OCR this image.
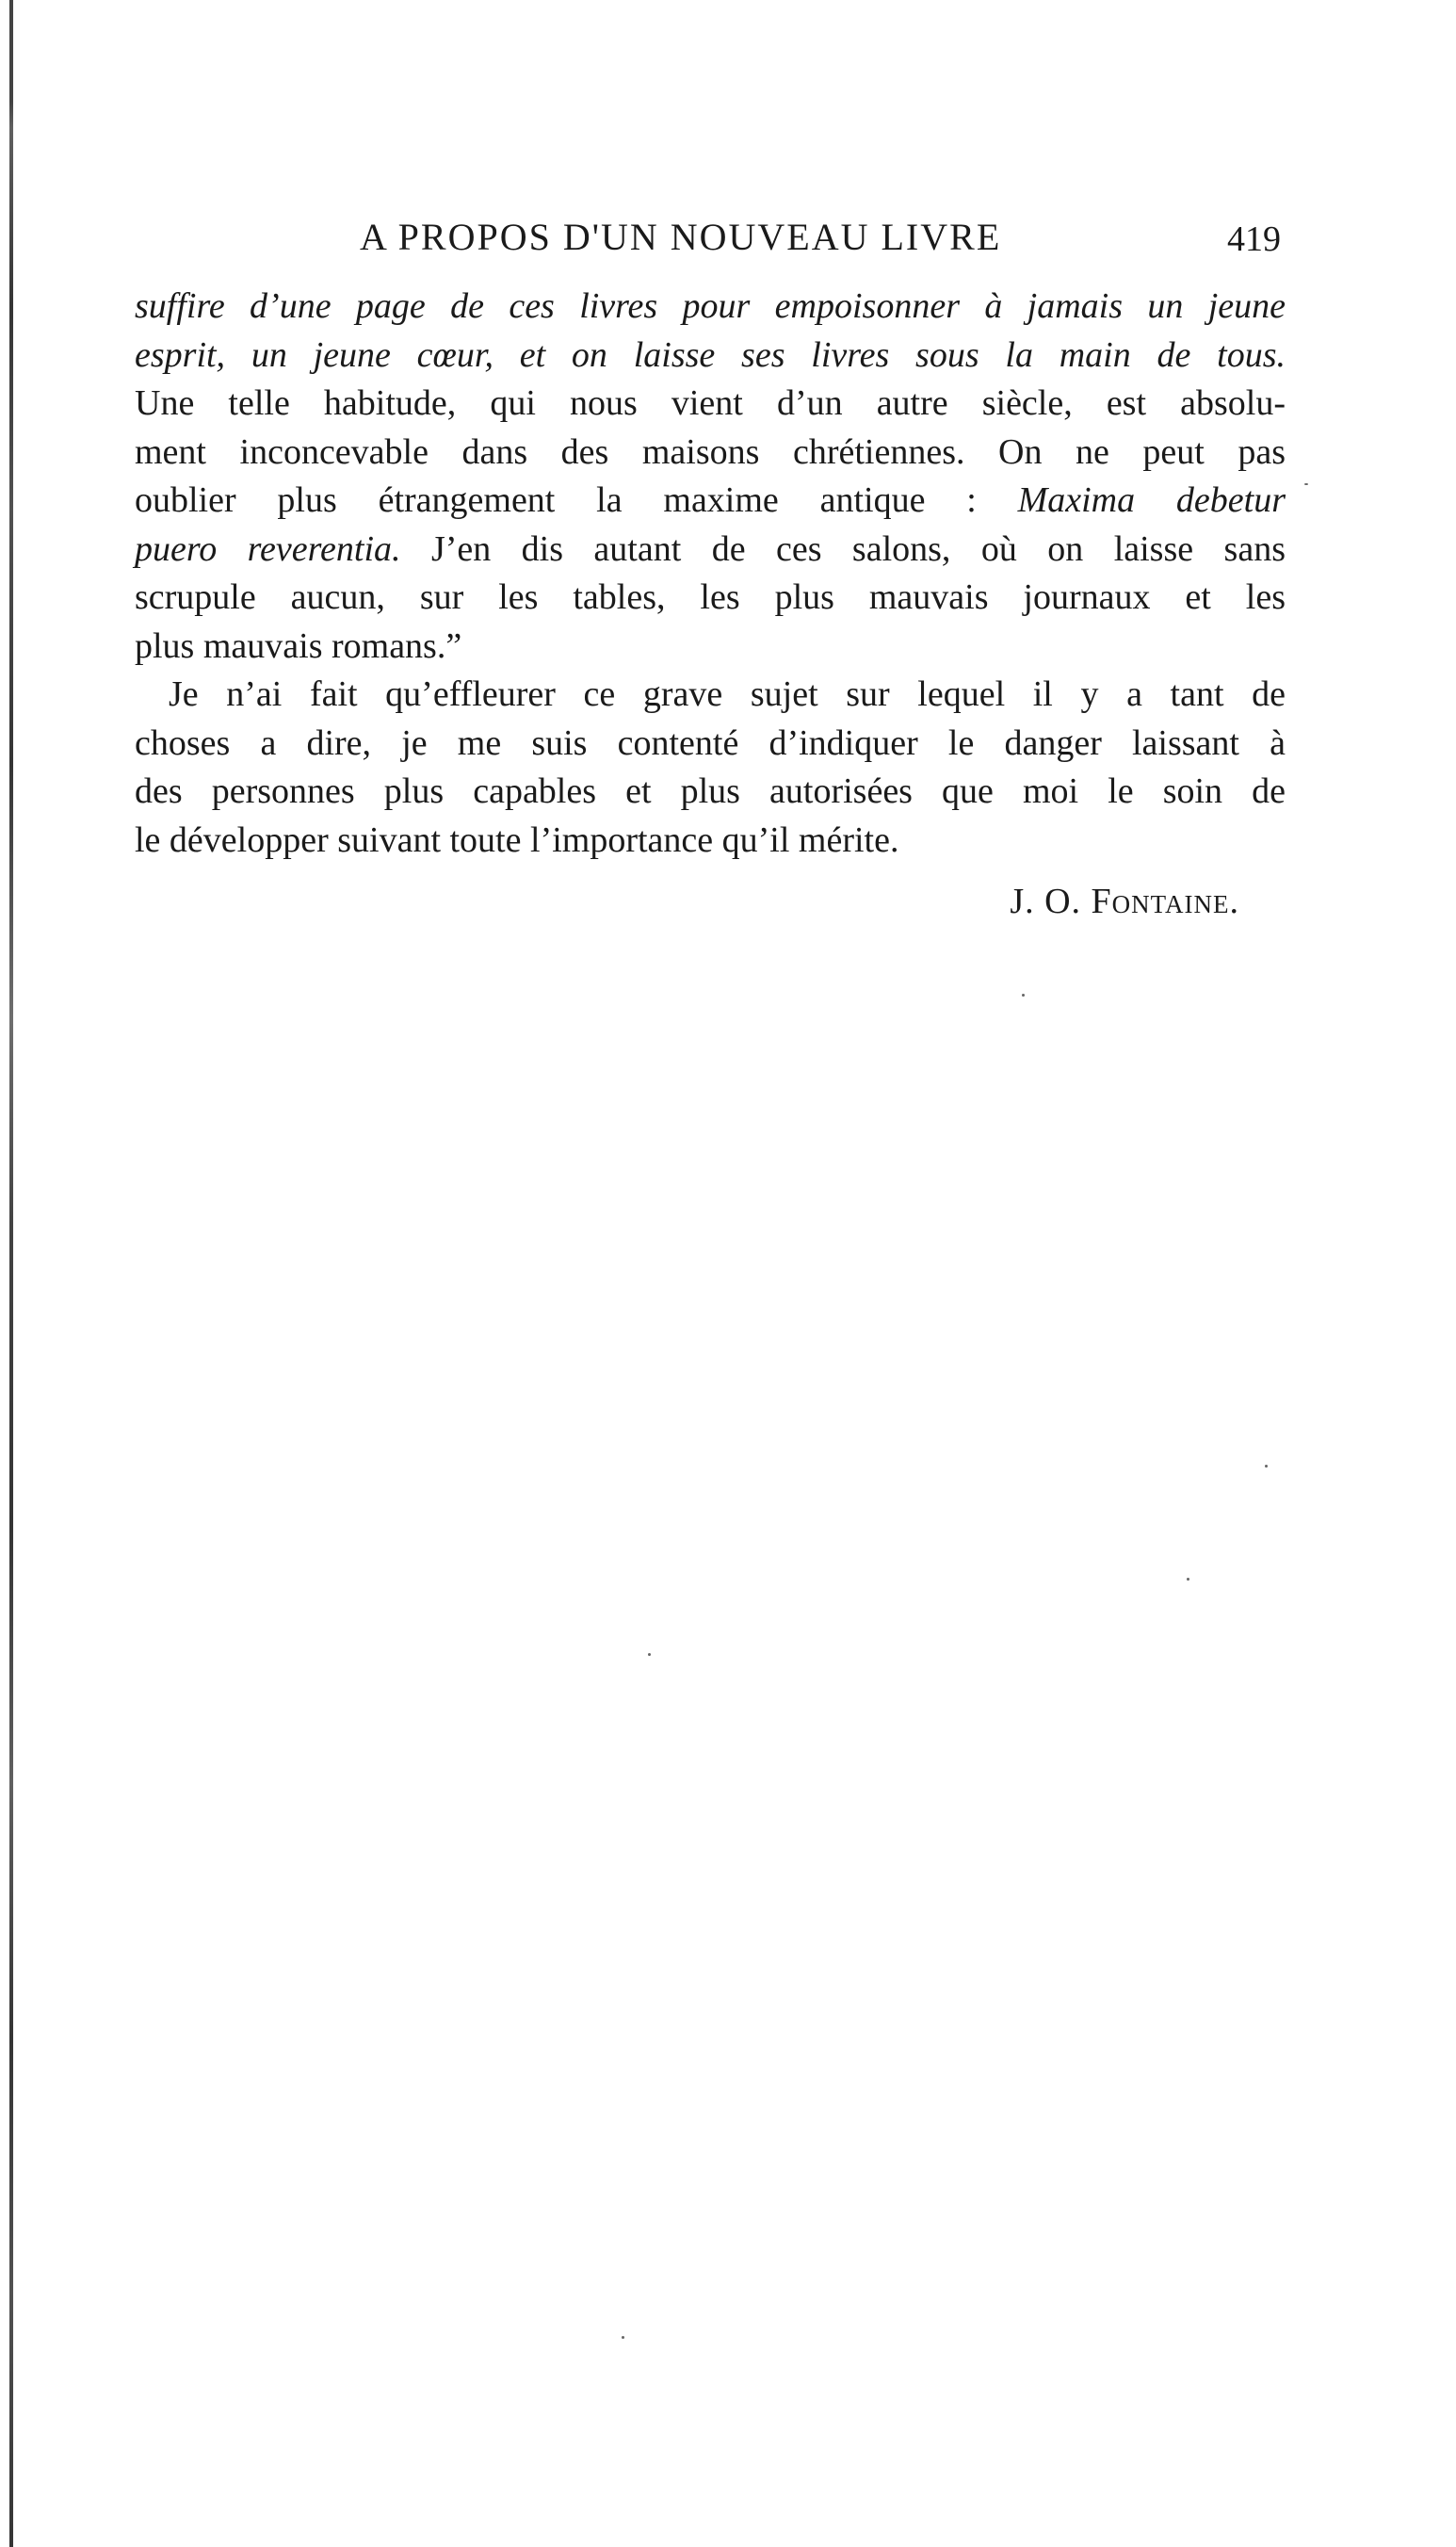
A PROPOS D'UN NOUVEAU LIVRE	419
suffire d’une page de ces livres pour empoisonner à jamais un jeune
esprit, un jeune cœur, et on laisse ses livres sous la main de tous.
Une telle habitude, qui nous vient d’un autre siècle, est absolu-
ment inconcevable dans des maisons chrétiennes. On ne peut pas
oublier plus étrangement la maxime antique : Maxima debetur
puero reverentia. J’en dis autant de ces salons, où on laisse sans
scrupule aucun, sur les tables, les plus mauvais journaux et les
plus mauvais romans.”
Je n’ai fait qu’effleurer ce grave sujet sur lequel il y a tant de
choses a dire, je me suis contenté d’indiquer le danger laissant à
des personnes plus capables et plus autorisées que moi le soin de
le développer suivant toute l’importance qu’il mérite.
J. O. Fontaine.
